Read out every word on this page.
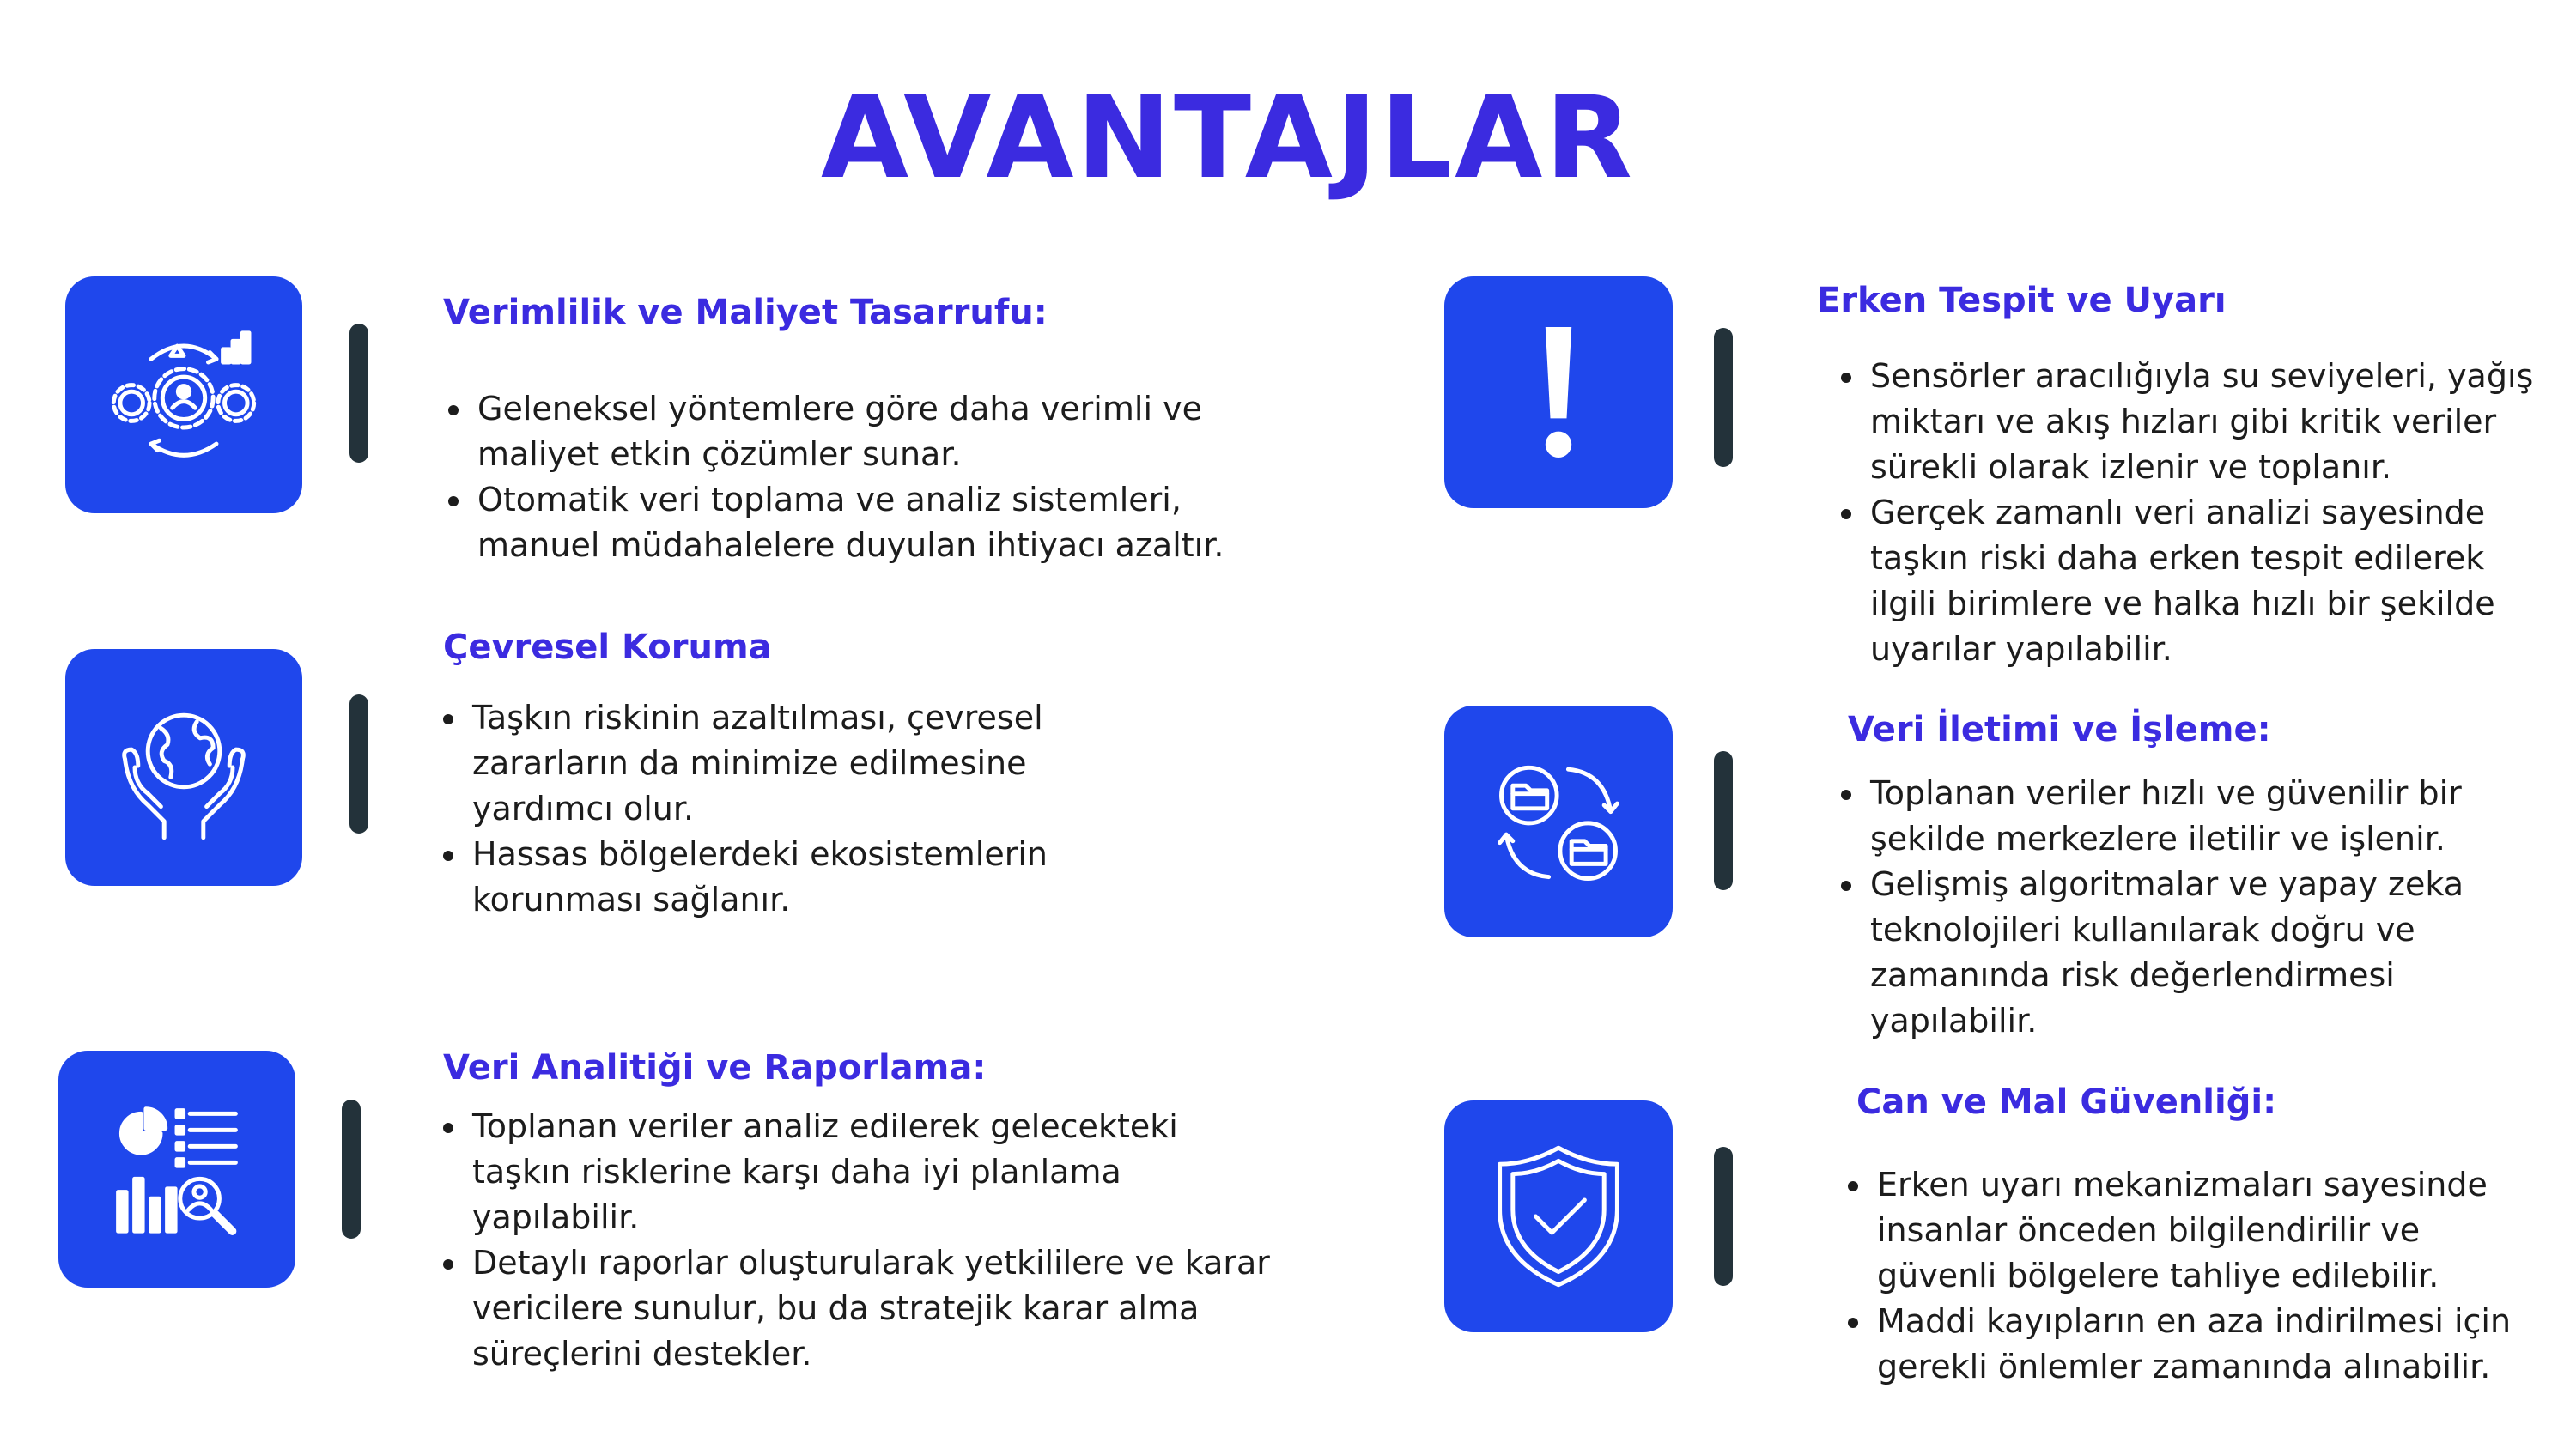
AVANTAJLAR
Verimlilik ve Maliyet Tasarrufu:
Geleneksel yöntemlere göre daha verimli ve maliyet etkin çözümler sunar.
Otomatik veri toplama ve analiz sistemleri, manuel müdahalelere duyulan ihtiyacı azaltır.
Çevresel Koruma
Taşkın riskinin azaltılması, çevresel zararların da minimize edilmesine yardımcı olur.
Hassas bölgelerdeki ekosistemlerin korunması sağlanır.
Veri Analitiği ve Raporlama:
Toplanan veriler analiz edilerek gelecekteki taşkın risklerine karşı daha iyi planlama yapılabilir.
Detaylı raporlar oluşturularak yetkililere ve karar vericilere sunulur, bu da stratejik karar alma süreçlerini destekler.
Erken Tespit ve Uyarı
Sensörler aracılığıyla su seviyeleri, yağış miktarı ve akış hızları gibi kritik veriler sürekli olarak izlenir ve toplanır.
Gerçek zamanlı veri analizi sayesinde taşkın riski daha erken tespit edilerek ilgili birimlere ve halka hızlı bir şekilde uyarılar yapılabilir.
Veri İletimi ve İşleme:
Toplanan veriler hızlı ve güvenilir bir şekilde merkezlere iletilir ve işlenir.
Gelişmiş algoritmalar ve yapay zeka teknolojileri kullanılarak doğru ve zamanında risk değerlendirmesi yapılabilir.
Can ve Mal Güvenliği:
Erken uyarı mekanizmaları sayesinde insanlar önceden bilgilendirilir ve güvenli bölgelere tahliye edilebilir.
Maddi kayıpların en aza indirilmesi için gerekli önlemler zamanında alınabilir.
